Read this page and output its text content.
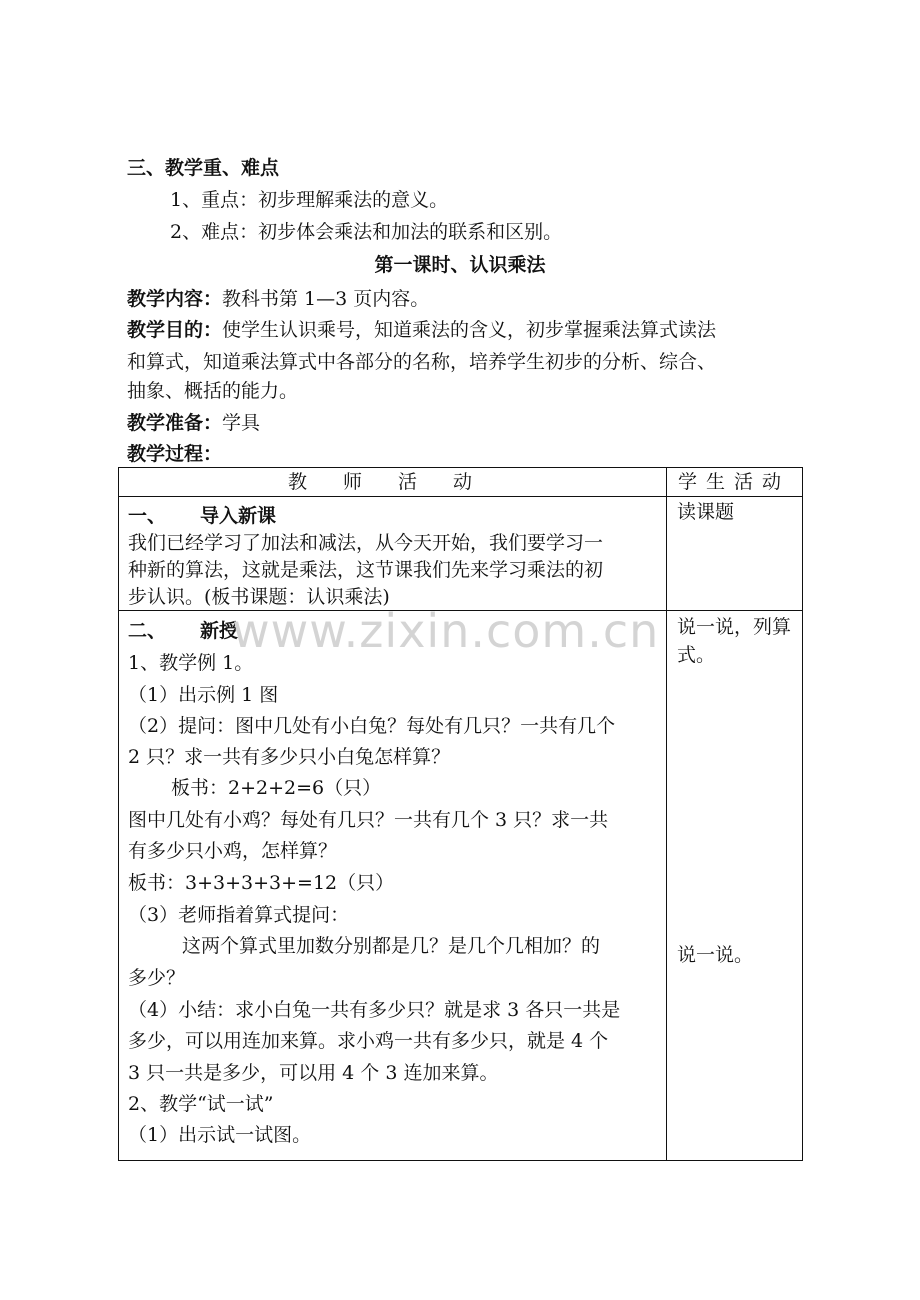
三、教学重、难点
1、重点：初步理解乘法的意义。
2、难点：初步体会乘法和加法的联系和区别。
第一课时、认识乘法
教学内容：教科书第 1—3 页内容。
教学目的：使学生认识乘号，知道乘法的含义，初步掌握乘法算式读法
和算式，知道乘法算式中各部分的名称，培养学生初步的分析、综合、
抽象、概括的能力。
教学准备：学具
教学过程：
教师活动	学生活动
一、 导入新课
我们已经学习了加法和减法，从今天开始，我们要学习一
种新的算法，这就是乘法，这节课我们先来学习乘法的初
步认识。(板书课题：认识乘法)
读课题
二、 新授
1、教学例 1。
（1）出示例 1 图
（2）提问：图中几处有小白兔？每处有几只？一共有几个
2 只？求一共有多少只小白兔怎样算？
板书：2+2+2=6（只）
图中几处有小鸡？每处有几只？一共有几个 3 只？求一共
有多少只小鸡，怎样算？
板书：3+3+3+3+=12（只）
（3）老师指着算式提问：
这两个算式里加数分别都是几？是几个几相加？的
多少？
（4）小结：求小白兔一共有多少只？就是求 3 各只一共是
多少，可以用连加来算。求小鸡一共有多少只，就是 4 个
3 只一共是多少，可以用 4 个 3 连加来算。
2、教学“试一试”
（1）出示试一试图。
说一说，列算
式。
说一说。
www.zixin.com.cn
